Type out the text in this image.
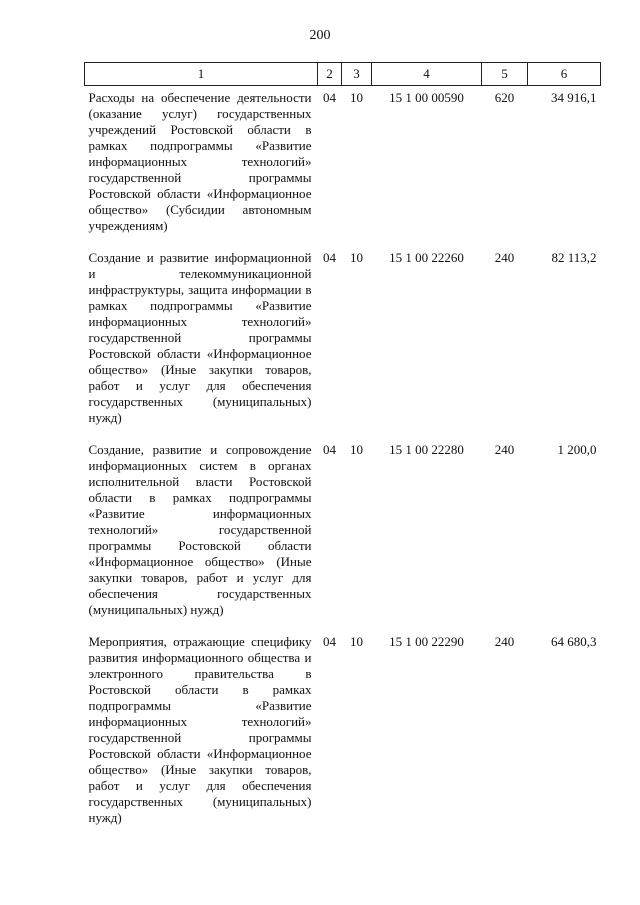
200
1	2	3	4	5	6
Расходы на обеспечение деятельности (оказание услуг) государственных учреждений Ростовской области в рамках подпрограммы «Развитие информационных технологий» государственной программы Ростовской области «Информационное общество» (Субсидии автономным учреждениям)	04	10	15 1 00 00590	620	34 916,1
Создание и развитие информационной и телекоммуникационной инфраструктуры, защита информации в рамках подпрограммы «Развитие информационных технологий» государственной программы Ростовской области «Информационное общество» (Иные закупки товаров, работ и услуг для обеспечения государственных (муниципальных) нужд)	04	10	15 1 00 22260	240	82 113,2
Создание, развитие и сопровождение информационных систем в органах исполнительной власти Ростовской области в рамках подпрограммы «Развитие информационных технологий» государственной программы Ростовской области «Информационное общество» (Иные закупки товаров, работ и услуг для обеспечения государственных (муниципальных) нужд)	04	10	15 1 00 22280	240	1 200,0
Мероприятия, отражающие специфику развития информационного общества и электронного правительства в Ростовской области в рамках подпрограммы «Развитие информационных технологий» государственной программы Ростовской области «Информационное общество» (Иные закупки товаров, работ и услуг для обеспечения государственных (муниципальных) нужд)	04	10	15 1 00 22290	240	64 680,3
